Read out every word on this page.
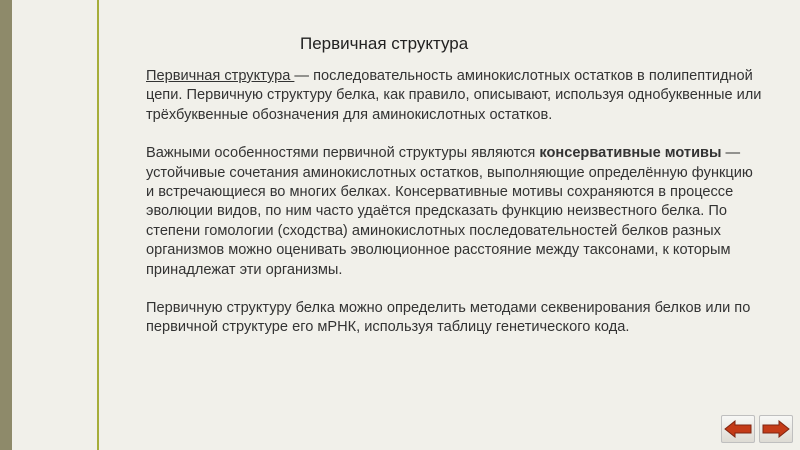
Первичная структура

Первичная структура — последовательность аминокислотных остатков в полипептидной цепи. Первичную структуру белка, как правило, описывают, используя однобуквенные или трёхбуквенные обозначения для аминокислотных остатков.

Важными особенностями первичной структуры являются консервативные мотивы — устойчивые сочетания аминокислотных остатков, выполняющие определённую функцию и встречающиеся во многих белках. Консервативные мотивы сохраняются в процессе эволюции видов, по ним часто удаётся предсказать функцию неизвестного белка. По степени гомологии (сходства) аминокислотных последовательностей белков разных организмов можно оценивать эволюционное расстояние между таксонами, к которым принадлежат эти организмы.

Первичную структуру белка можно определить методами секвенирования белков или по первичной структуре его мРНК, используя таблицу генетического кода.
